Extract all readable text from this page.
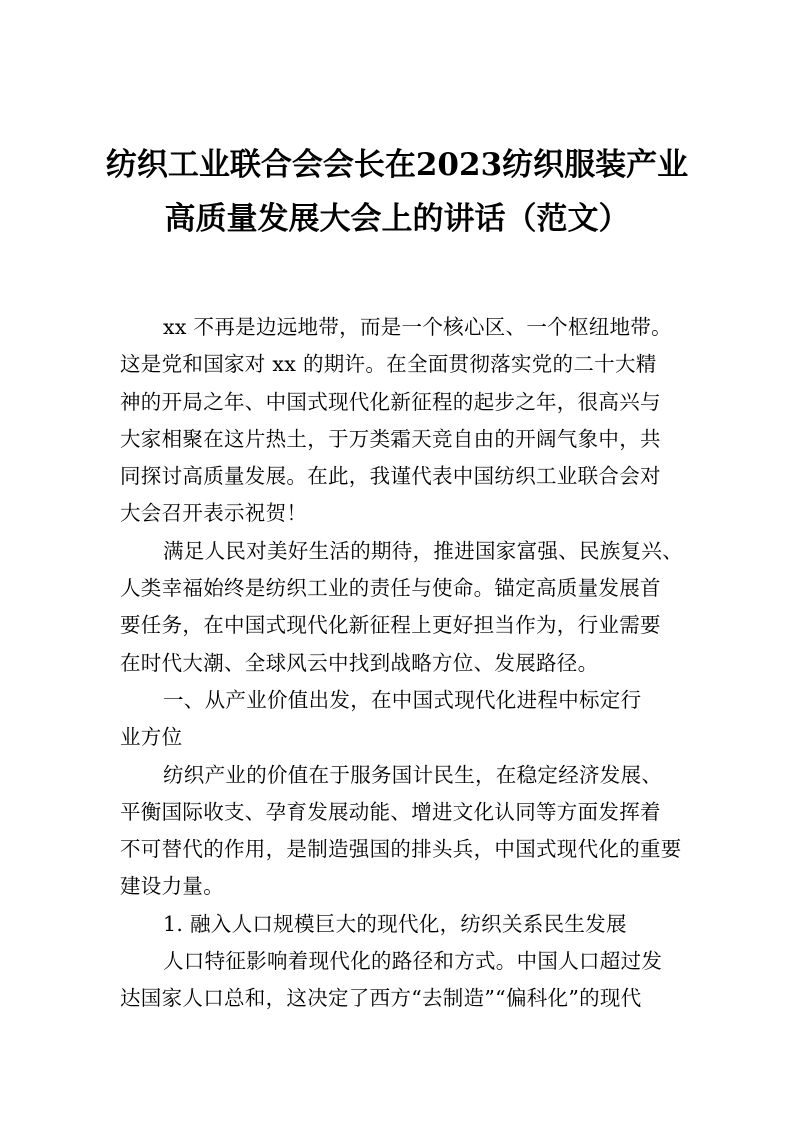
纺织工业联合会会长在2023纺织服装产业
高质量发展大会上的讲话（范文）
xx 不再是边远地带，而是一个核心区、一个枢纽地带。
这是党和国家对 xx 的期许。在全面贯彻落实党的二十大精
神的开局之年、中国式现代化新征程的起步之年，很高兴与
大家相聚在这片热土，于万类霜天竞自由的开阔气象中，共
同探讨高质量发展。在此，我谨代表中国纺织工业联合会对
大会召开表示祝贺！
满足人民对美好生活的期待，推进国家富强、民族复兴、
人类幸福始终是纺织工业的责任与使命。锚定高质量发展首
要任务，在中国式现代化新征程上更好担当作为，行业需要
在时代大潮、全球风云中找到战略方位、发展路径。
一、从产业价值出发，在中国式现代化进程中标定行
业方位
纺织产业的价值在于服务国计民生，在稳定经济发展、
平衡国际收支、孕育发展动能、增进文化认同等方面发挥着
不可替代的作用，是制造强国的排头兵，中国式现代化的重要
建设力量。
1. 融入人口规模巨大的现代化，纺织关系民生发展
人口特征影响着现代化的路径和方式。中国人口超过发
达国家人口总和，这决定了西方“去制造”“偏科化”的现代
